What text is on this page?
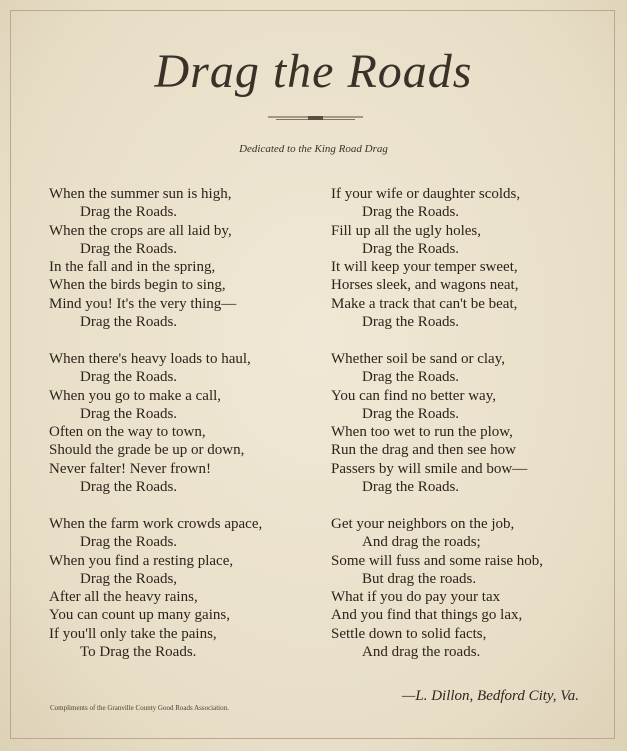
Drag the Roads
Dedicated to the King Road Drag
When the summer sun is high,
Drag the Roads.
When the crops are all laid by,
Drag the Roads.
In the fall and in the spring,
When the birds begin to sing,
Mind you! It's the very thing—
Drag the Roads.
When there's heavy loads to haul,
Drag the Roads.
When you go to make a call,
Drag the Roads.
Often on the way to town,
Should the grade be up or down,
Never falter! Never frown!
Drag the Roads.
When the farm work crowds apace,
Drag the Roads.
When you find a resting place,
Drag the Roads,
After all the heavy rains,
You can count up many gains,
If you'll only take the pains,
To Drag the Roads.
If your wife or daughter scolds,
Drag the Roads.
Fill up all the ugly holes,
Drag the Roads.
It will keep your temper sweet,
Horses sleek, and wagons neat,
Make a track that can't be beat,
Drag the Roads.
Whether soil be sand or clay,
Drag the Roads.
You can find no better way,
Drag the Roads.
When too wet to run the plow,
Run the drag and then see how
Passers by will smile and bow—
Drag the Roads.
Get your neighbors on the job,
And drag the roads;
Some will fuss and some raise hob,
But drag the roads.
What if you do pay your tax
And you find that things go lax,
Settle down to solid facts,
And drag the roads.
—L. Dillon, Bedford City, Va.
Compliments of the Granville County Good Roads Association.
